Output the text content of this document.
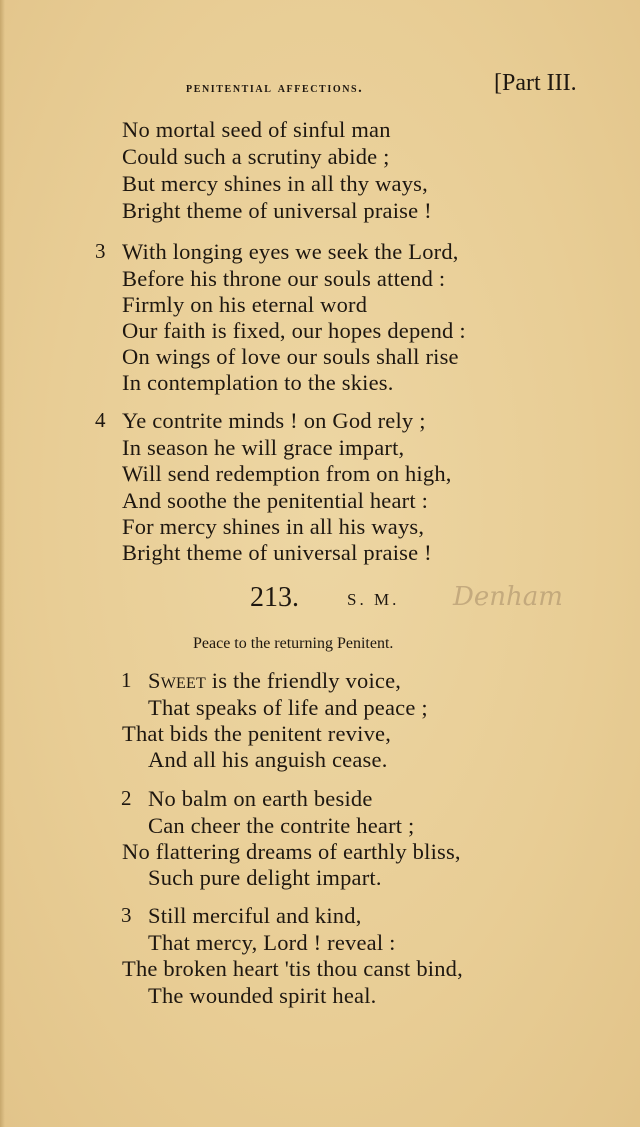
penitential affections.	[Part III.
No mortal seed of sinful man
Could such a scrutiny abide ;
But mercy shines in all thy ways,
Bright theme of universal praise !
3 With longing eyes we seek the Lord,
Before his throne our souls attend :
Firmly on his eternal word
Our faith is fixed, our hopes depend :
On wings of love our souls shall rise
In contemplation to the skies.
4 Ye contrite minds ! on God rely ;
In season he will grace impart,
Will send redemption from on high,
And soothe the penitential heart :
For mercy shines in all his ways,
Bright theme of universal praise !
213.	S. M. Denham
Peace to the returning Penitent.
1 Sweet is the friendly voice,
That speaks of life and peace ;
That bids the penitent revive,
And all his anguish cease.
2 No balm on earth beside
Can cheer the contrite heart ;
No flattering dreams of earthly bliss,
Such pure delight impart.
3 Still merciful and kind,
That mercy, Lord ! reveal :
The broken heart 'tis thou canst bind,
The wounded spirit heal.
